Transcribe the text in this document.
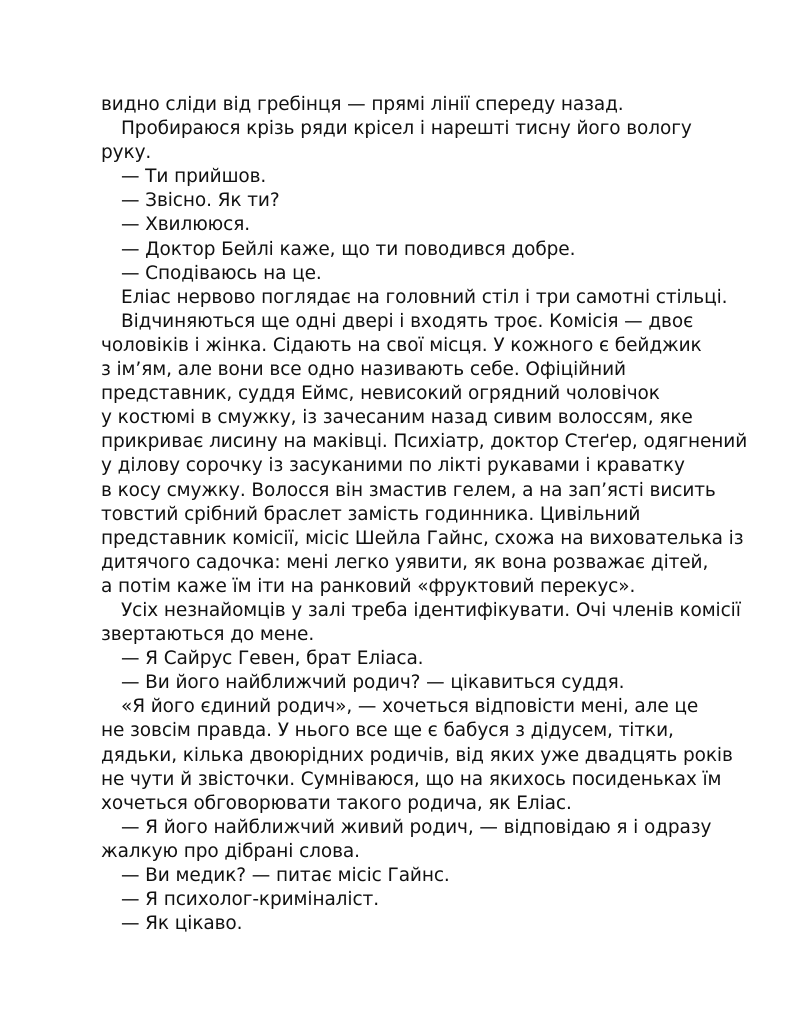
видно сліди від гребінця — прямі лінії спереду назад.
Пробираюся крізь ряди крісел і нарешті тисну його вологу
руку.
— Ти прийшов.
— Звісно. Як ти?
— Хвилююся.
— Доктор Бейлі каже, що ти поводився добре.
— Сподіваюсь на це.
Еліас нервово поглядає на головний стіл і три самотні стільці.
Відчиняються ще одні двері і входять троє. Комісія — двоє
чоловіків і жінка. Сідають на свої місця. У кожного є бейджик
з ім’ям, але вони все одно називають себе. Офіційний
представник, суддя Еймс, невисокий огрядний чоловічок
у костюмі в смужку, із зачесаним назад сивим волоссям, яке
прикриває лисину на маківці. Психіатр, доктор Стеґер, одягнений
у ділову сорочку із засуканими по лікті рукавами і краватку
в косу смужку. Волосся він змастив гелем, а на зап’ясті висить
товстий срібний браслет замість годинника. Цивільний
представник комісії, місіс Шейла Гайнс, схожа на вихователька із
дитячого садочка: мені легко уявити, як вона розважає дітей,
а потім каже їм іти на ранковий «фруктовий перекус».
Усіх незнайомців у залі треба ідентифікувати. Очі членів комісії
звертаються до мене.
— Я Сайрус Гевен, брат Еліаса.
— Ви його найближчий родич? — цікавиться суддя.
«Я його єдиний родич», — хочеться відповісти мені, але це
не зовсім правда. У нього все ще є бабуся з дідусем, тітки,
дядьки, кілька двоюрідних родичів, від яких уже двадцять років
не чути й звісточки. Сумніваюся, що на якихось посиденьках їм
хочеться обговорювати такого родича, як Еліас.
— Я його найближчий живий родич, — відповідаю я і одразу
жалкую про дібрані слова.
— Ви медик? — питає місіс Гайнс.
— Я психолог-криміналіст.
— Як цікаво.
